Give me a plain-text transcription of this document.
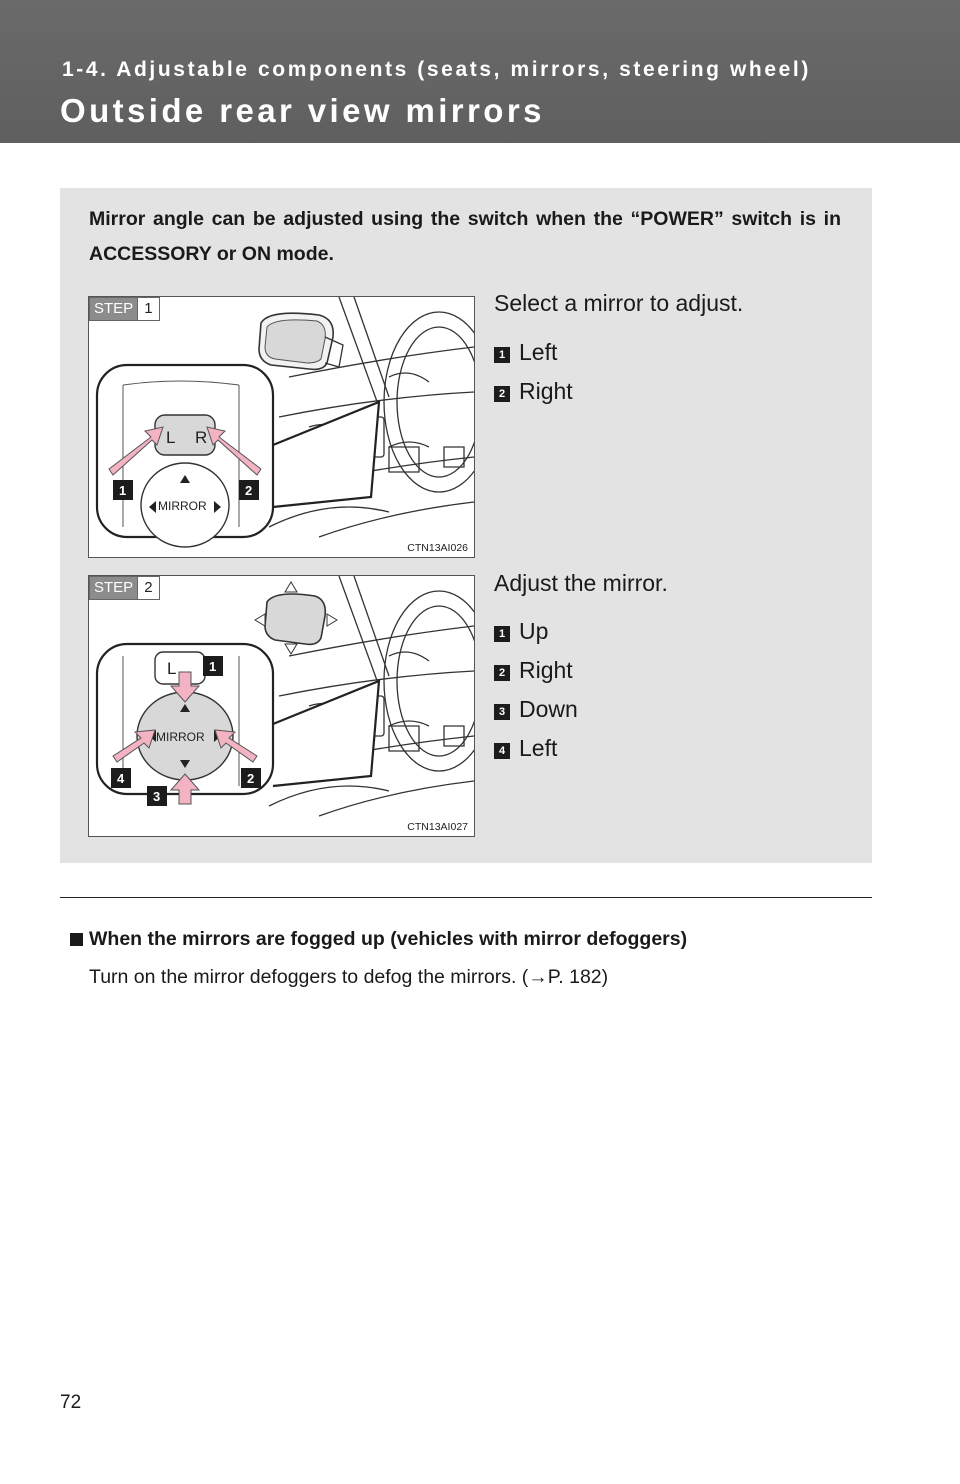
1-4. Adjustable components (seats, mirrors, steering wheel)
Outside rear view mirrors
Mirror angle can be adjusted using the switch when the “POWER” switch is in ACCESSORY or ON mode.
L R
MIRROR
1	2
STEP 1
CTN13AI026
Select a mirror to adjust.
1 Left
2 Right
L
MIRROR
1
2
3
4
STEP 2
CTN13AI027
Adjust the mirror.
1 Up
2 Right
3 Down
4 Left
When the mirrors are fogged up (vehicles with mirror defoggers)
Turn on the mirror defoggers to defog the mirrors. (→P. 182)
72
